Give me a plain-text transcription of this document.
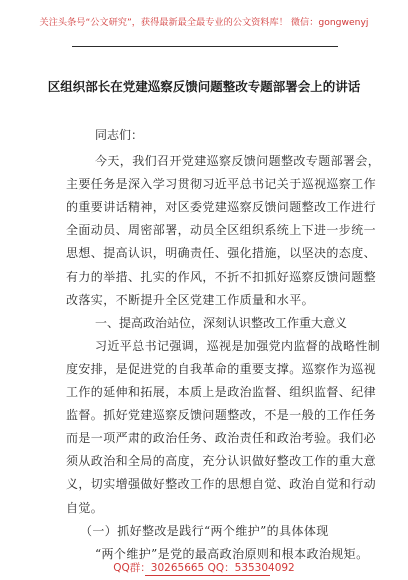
关注头条号“公文研究”，获得最新最全最专业的公文资料库！ 微信：gongwenyj
区组织部长在党建巡察反馈问题整改专题部署会上的讲话
同志们：
今天，我们召开党建巡察反馈问题整改专题部署会，
主要任务是深入学习贯彻习近平总书记关于巡视巡察工作
的重要讲话精神，对区委党建巡察反馈问题整改工作进行
全面动员、周密部署，动员全区组织系统上下进一步统一
思想、提高认识，明确责任、强化措施，以坚决的态度、
有力的举措、扎实的作风，不折不扣抓好巡察反馈问题整
改落实，不断提升全区党建工作质量和水平。
一、提高政治站位，深刻认识整改工作重大意义
习近平总书记强调，巡视是加强党内监督的战略性制
度安排，是促进党的自我革命的重要支撑。巡察作为巡视
工作的延伸和拓展，本质上是政治监督、组织监督、纪律
监督。抓好党建巡察反馈问题整改，不是一般的工作任务
而是一项严肃的政治任务、政治责任和政治考验。我们必
须从政治和全局的高度，充分认识做好整改工作的重大意
义，切实增强做好整改工作的思想自觉、政治自觉和行动
QQ群：30265665 QQ：535304092
自觉。
（一）抓好整改是践行“两个维护”的具体体现
“两个维护”是党的最高政治原则和根本政治规矩。
